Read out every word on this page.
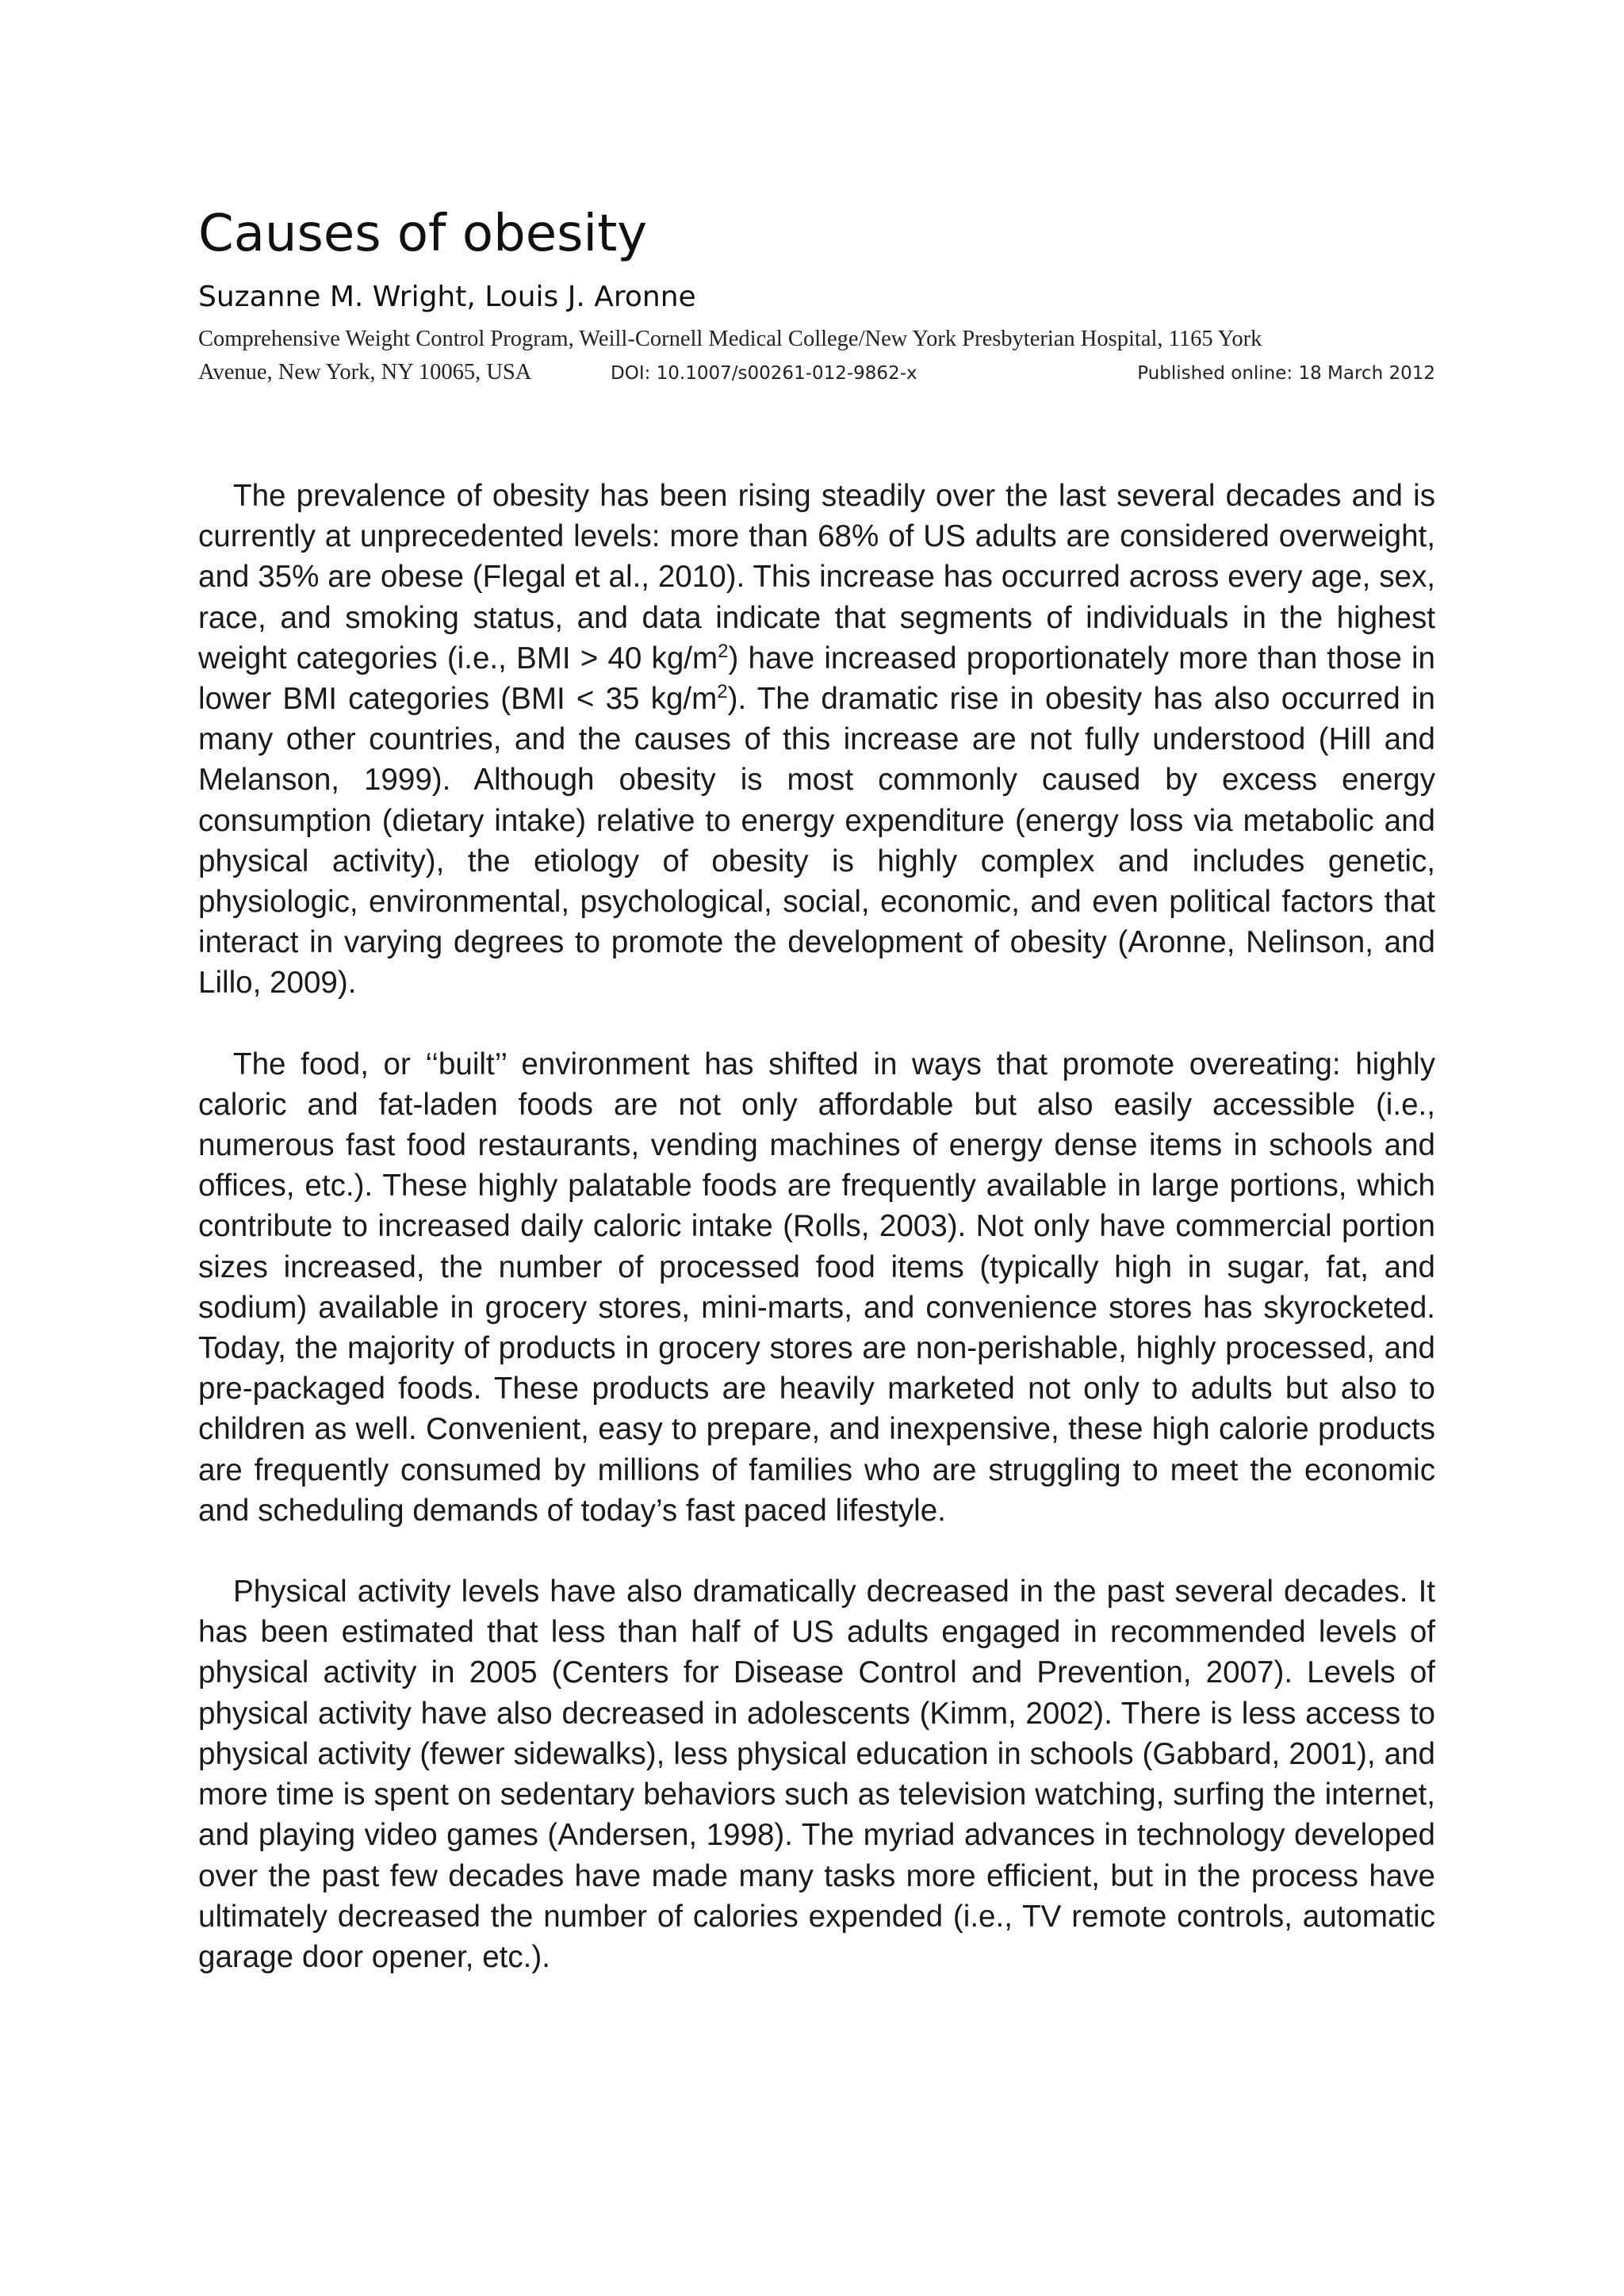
Causes of obesity
Suzanne M. Wright, Louis J. Aronne
Comprehensive Weight Control Program, Weill-Cornell Medical College/New York Presbyterian Hospital, 1165 York
Avenue, New York, NY 10065, USA	DOI: 10.1007/s00261-012-9862-x	Published online: 18 March 2012

The prevalence of obesity has been rising steadily over the last several decades and is currently at unprecedented levels: more than 68% of US adults are considered overweight, and 35% are obese (Flegal et al., 2010). This increase has occurred across every age, sex, race, and smoking status, and data indicate that segments of individuals in the highest weight categories (i.e., BMI > 40 $kg/m^2$) have increased proportionately more than those in lower BMI categories (BMI < 35 $kg/m^2$). The dramatic rise in obesity has also occurred in many other countries, and the causes of this increase are not fully understood (Hill and Melanson, 1999). Although obesity is most commonly caused by excess energy consumption (dietary intake) relative to energy expenditure (energy loss via metabolic and physical activity), the etiology of obesity is highly complex and includes genetic, physiologic, environmental, psychological, social, economic, and even political factors that interact in varying degrees to promote the development of obesity (Aronne, Nelinson, and Lillo, 2009).

The food, or ‘‘built’’ environment has shifted in ways that promote overeating: highly caloric and fat-laden foods are not only affordable but also easily accessible (i.e., numerous fast food restaurants, vending machines of energy dense items in schools and offices, etc.). These highly palatable foods are frequently available in large portions, which contribute to increased daily caloric intake (Rolls, 2003). Not only have commercial portion sizes increased, the number of processed food items (typically high in sugar, fat, and sodium) available in grocery stores, mini-marts, and convenience stores has skyrocketed. Today, the majority of products in grocery stores are non-perishable, highly processed, and pre-packaged foods. These products are heavily marketed not only to adults but also to children as well. Convenient, easy to prepare, and inexpensive, these high calorie products are frequently consumed by millions of families who are struggling to meet the economic and scheduling demands of today’s fast paced lifestyle.

Physical activity levels have also dramatically decreased in the past several decades. It has been estimated that less than half of US adults engaged in recommended levels of physical activity in 2005 (Centers for Disease Control and Prevention, 2007). Levels of physical activity have also decreased in adolescents (Kimm, 2002). There is less access to physical activity (fewer sidewalks), less physical education in schools (Gabbard, 2001), and more time is spent on sedentary behaviors such as television watching, surfing the internet, and playing video games (Andersen, 1998). The myriad advances in technology developed over the past few decades have made many tasks more efficient, but in the process have ultimately decreased the number of calories expended (i.e., TV remote controls, automatic garage door opener, etc.).
